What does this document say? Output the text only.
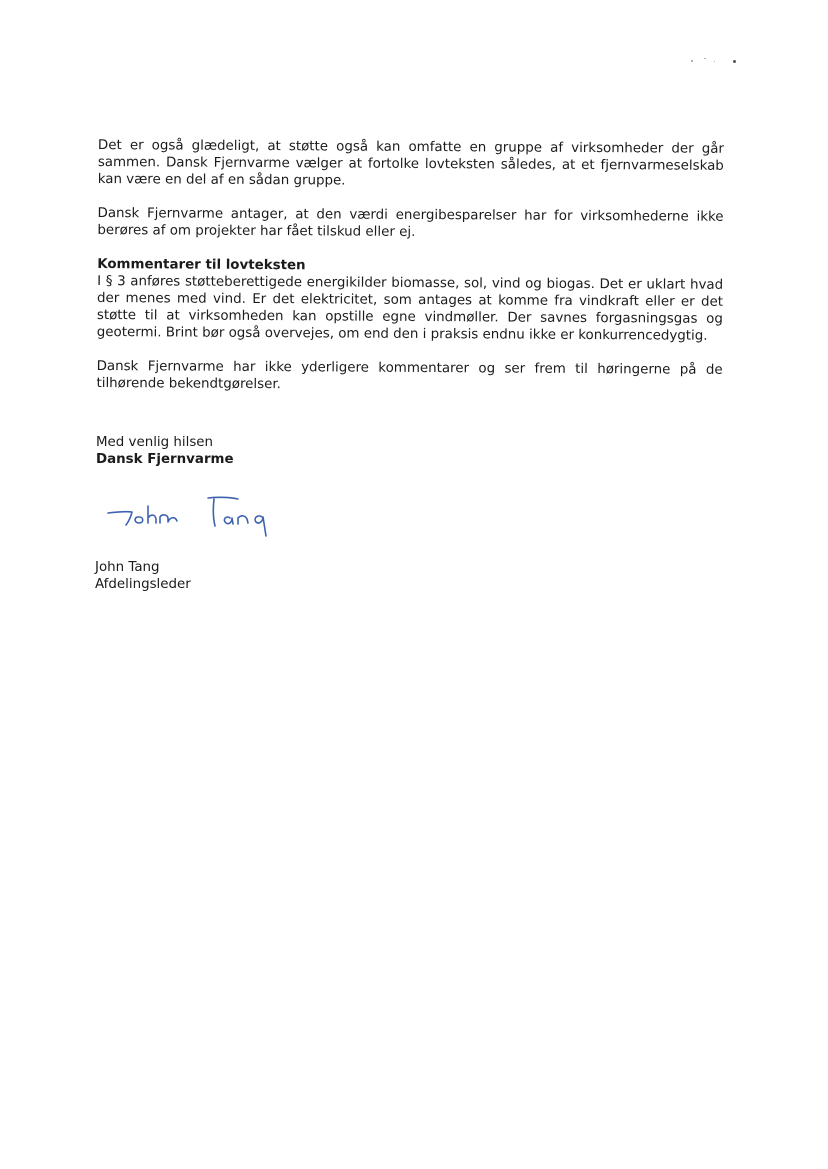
Det er også glædeligt, at støtte også kan omfatte en gruppe af virksomheder der går sammen. Dansk Fjernvarme vælger at fortolke lovteksten således, at et fjernvarmeselskab kan være en del af en sådan gruppe.

Dansk Fjernvarme antager, at den værdi energibesparelser har for virksomhederne ikke berøres af om projekter har fået tilskud eller ej.

Kommentarer til lovteksten

I § 3 anføres støtteberettigede energikilder biomasse, sol, vind og biogas. Det er uklart hvad der menes med vind. Er det elektricitet, som antages at komme fra vindkraft eller er det støtte til at virksomheden kan opstille egne vindmøller. Der savnes forgasningsgas og geotermi. Brint bør også overvejes, om end den i praksis endnu ikke er konkurrencedygtig.

Dansk Fjernvarme har ikke yderligere kommentarer og ser frem til høringerne på de tilhørende bekendtgørelser.

Med venlig hilsen
Dansk Fjernvarme
John Tang
Afdelingsleder
